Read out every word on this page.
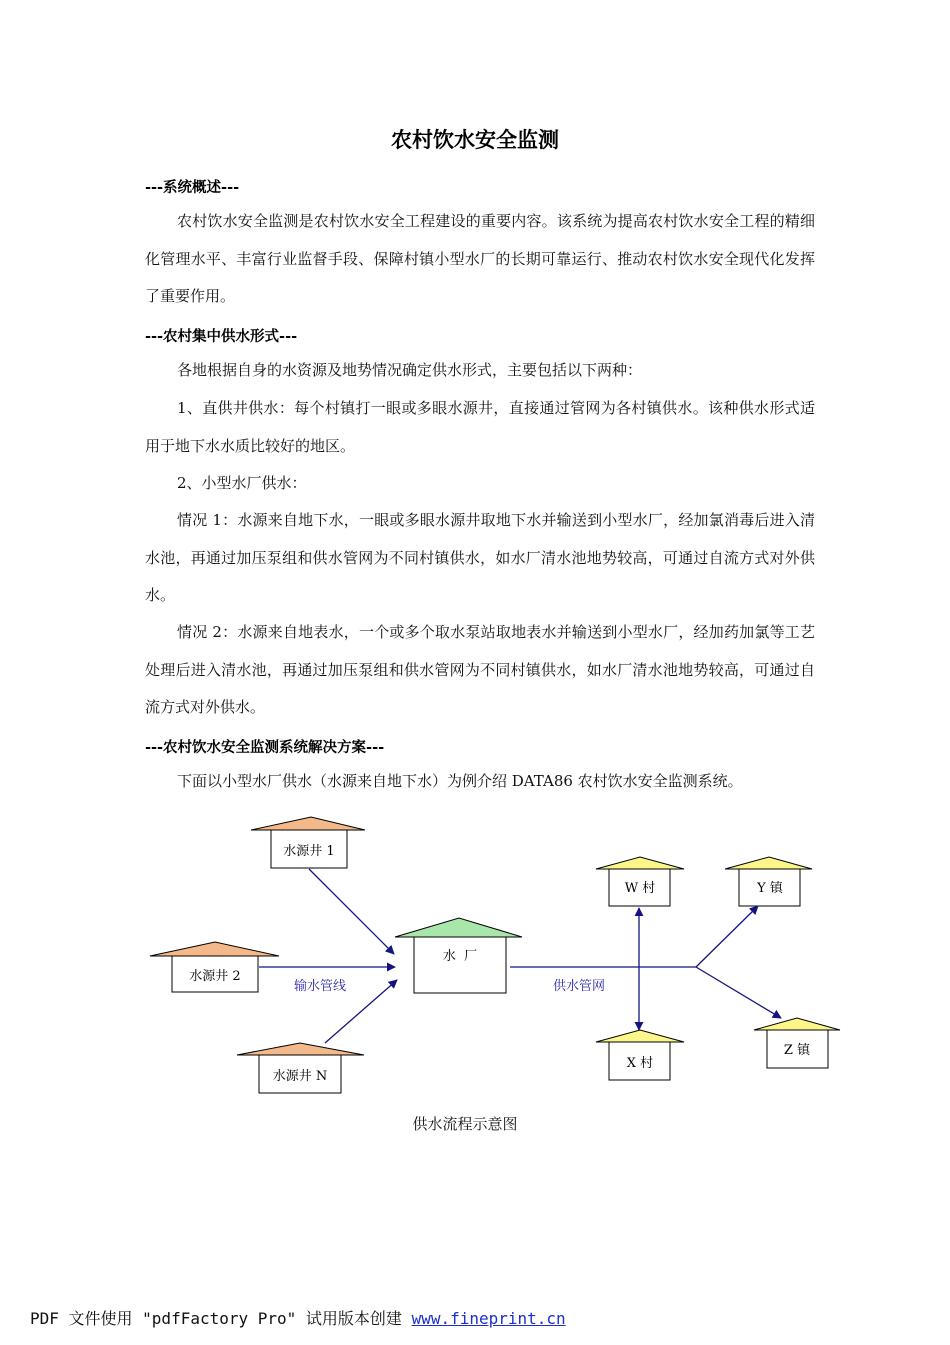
农村饮水安全监测
---系统概述---

农村饮水安全监测是农村饮水安全工程建设的重要内容。该系统为提高农村饮水安全工程的精细化管理水平、丰富行业监督手段、保障村镇小型水厂的长期可靠运行、推动农村饮水安全现代化发挥了重要作用。

---农村集中供水形式---

各地根据自身的水资源及地势情况确定供水形式，主要包括以下两种：

1、直供井供水：每个村镇打一眼或多眼水源井，直接通过管网为各村镇供水。该种供水形式适用于地下水水质比较好的地区。

2、小型水厂供水：

情况 1：水源来自地下水，一眼或多眼水源井取地下水并输送到小型水厂，经加氯消毒后进入清水池，再通过加压泵组和供水管网为不同村镇供水，如水厂清水池地势较高，可通过自流方式对外供水。

情况 2：水源来自地表水，一个或多个取水泵站取地表水并输送到小型水厂，经加药加氯等工艺处理后进入清水池，再通过加压泵组和供水管网为不同村镇供水，如水厂清水池地势较高，可通过自流方式对外供水。

---农村饮水安全监测系统解决方案---

下面以小型水厂供水（水源来自地下水）为例介绍 DATA86 农村饮水安全监测系统。

水源井 1
水源井 2
水源井 N
水  厂
W 村	Y 镇
X 村
Z 镇
输水管线	供水管网
供水流程示意图
PDF 文件使用 "pdfFactory Pro" 试用版本创建 www.fineprint.cn
